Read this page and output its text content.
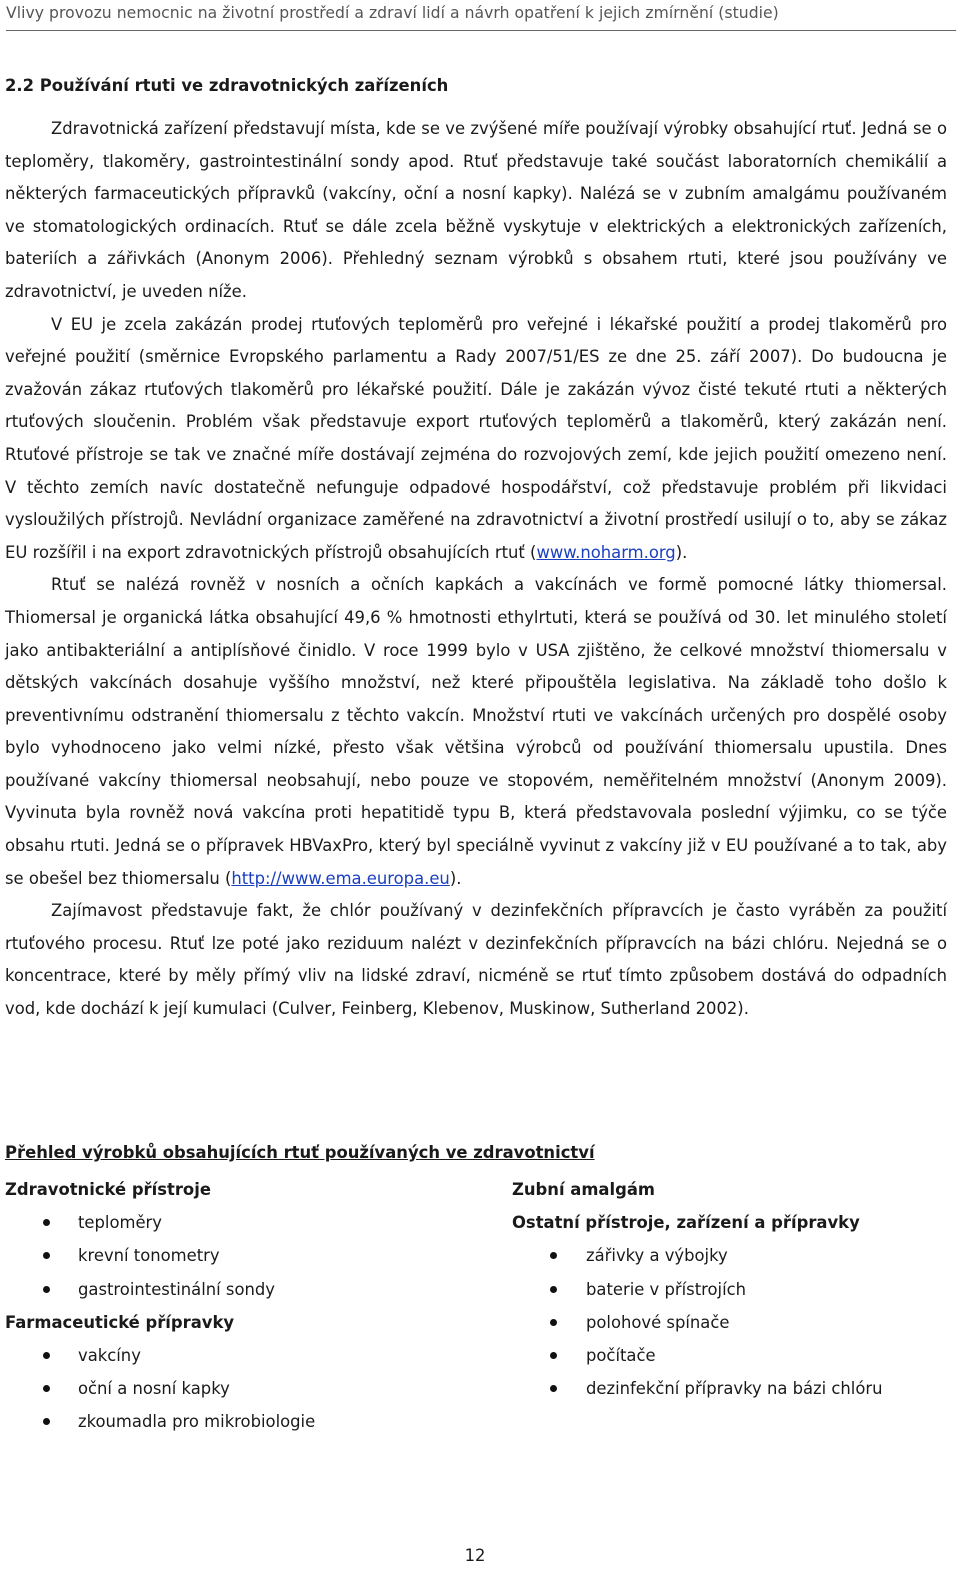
Vlivy provozu nemocnic na životní prostředí a zdraví lidí a návrh opatření k jejich zmírnění (studie)
2.2 Používání rtuti ve zdravotnických zařízeních

Zdravotnická zařízení představují místa, kde se ve zvýšené míře používají výrobky obsahující rtuť. Jedná se o teploměry, tlakoměry, gastrointestinální sondy apod. Rtuť představuje také součást laboratorních chemikálií a některých farmaceutických přípravků (vakcíny, oční a nosní kapky). Nalézá se v zubním amalgámu používaném ve stomatologických ordinacích. Rtuť se dále zcela běžně vyskytuje v elektrických a elektronických zařízeních, bateriích a zářivkách (Anonym 2006). Přehledný seznam výrobků s obsahem rtuti, které jsou používány ve zdravotnictví, je uveden níže.

V EU je zcela zakázán prodej rtuťových teploměrů pro veřejné i lékařské použití a prodej tlakoměrů pro veřejné použití (směrnice Evropského parlamentu a Rady 2007/51/ES ze dne 25. září 2007). Do budoucna je zvažován zákaz rtuťových tlakoměrů pro lékařské použití. Dále je zakázán vývoz čisté tekuté rtuti a některých rtuťových sloučenin. Problém však představuje export rtuťových teploměrů a tlakoměrů, který zakázán není. Rtuťové přístroje se tak ve značné míře dostávají zejména do rozvojových zemí, kde jejich použití omezeno není. V těchto zemích navíc dostatečně nefunguje odpadové hospodářství, což představuje problém při likvidaci vysloužilých přístrojů. Nevládní organizace zaměřené na zdravotnictví a životní prostředí usilují o to, aby se zákaz EU rozšířil i na export zdravotnických přístrojů obsahujících rtuť (www.noharm.org).

Rtuť se nalézá rovněž v nosních a očních kapkách a vakcínách ve formě pomocné látky thiomersal. Thiomersal je organická látka obsahující 49,6 % hmotnosti ethylrtuti, která se používá od 30. let minulého století jako antibakteriální a antiplísňové činidlo. V roce 1999 bylo v USA zjištěno, že celkové množství thiomersalu v dětských vakcínách dosahuje vyššího množství, než které připouštěla legislativa. Na základě toho došlo k preventivnímu odstranění thiomersalu z těchto vakcín. Množství rtuti ve vakcínách určených pro dospělé osoby bylo vyhodnoceno jako velmi nízké, přesto však většina výrobců od používání thiomersalu upustila. Dnes používané vakcíny thiomersal neobsahují, nebo pouze ve stopovém, neměřitelném množství (Anonym 2009). Vyvinuta byla rovněž nová vakcína proti hepatitidě typu B, která představovala poslední výjimku, co se týče obsahu rtuti. Jedná se o přípravek HBVaxPro, který byl speciálně vyvinut z vakcíny již v EU používané a to tak, aby se obešel bez thiomersalu (http://www.ema.europa.eu).

Zajímavost představuje fakt, že chlór používaný v dezinfekčních přípravcích je často vyráběn za použití rtuťového procesu. Rtuť lze poté jako reziduum nalézt v dezinfekčních přípravcích na bázi chlóru. Nejedná se o koncentrace, které by měly přímý vliv na lidské zdraví, nicméně se rtuť tímto způsobem dostává do odpadních vod, kde dochází k její kumulaci (Culver, Feinberg, Klebenov, Muskinow, Sutherland 2002).

Přehled výrobků obsahujících rtuť používaných ve zdravotnictví

Zdravotnické přístroje

teploměry
krevní tonometry
gastrointestinální sondy

Farmaceutické přípravky

vakcíny
oční a nosní kapky
zkoumadla pro mikrobiologie

Zubní amalgám

Ostatní přístroje, zařízení a přípravky

zářivky a výbojky
baterie v přístrojích
polohové spínače
počítače
dezinfekční přípravky na bázi chlóru
12
